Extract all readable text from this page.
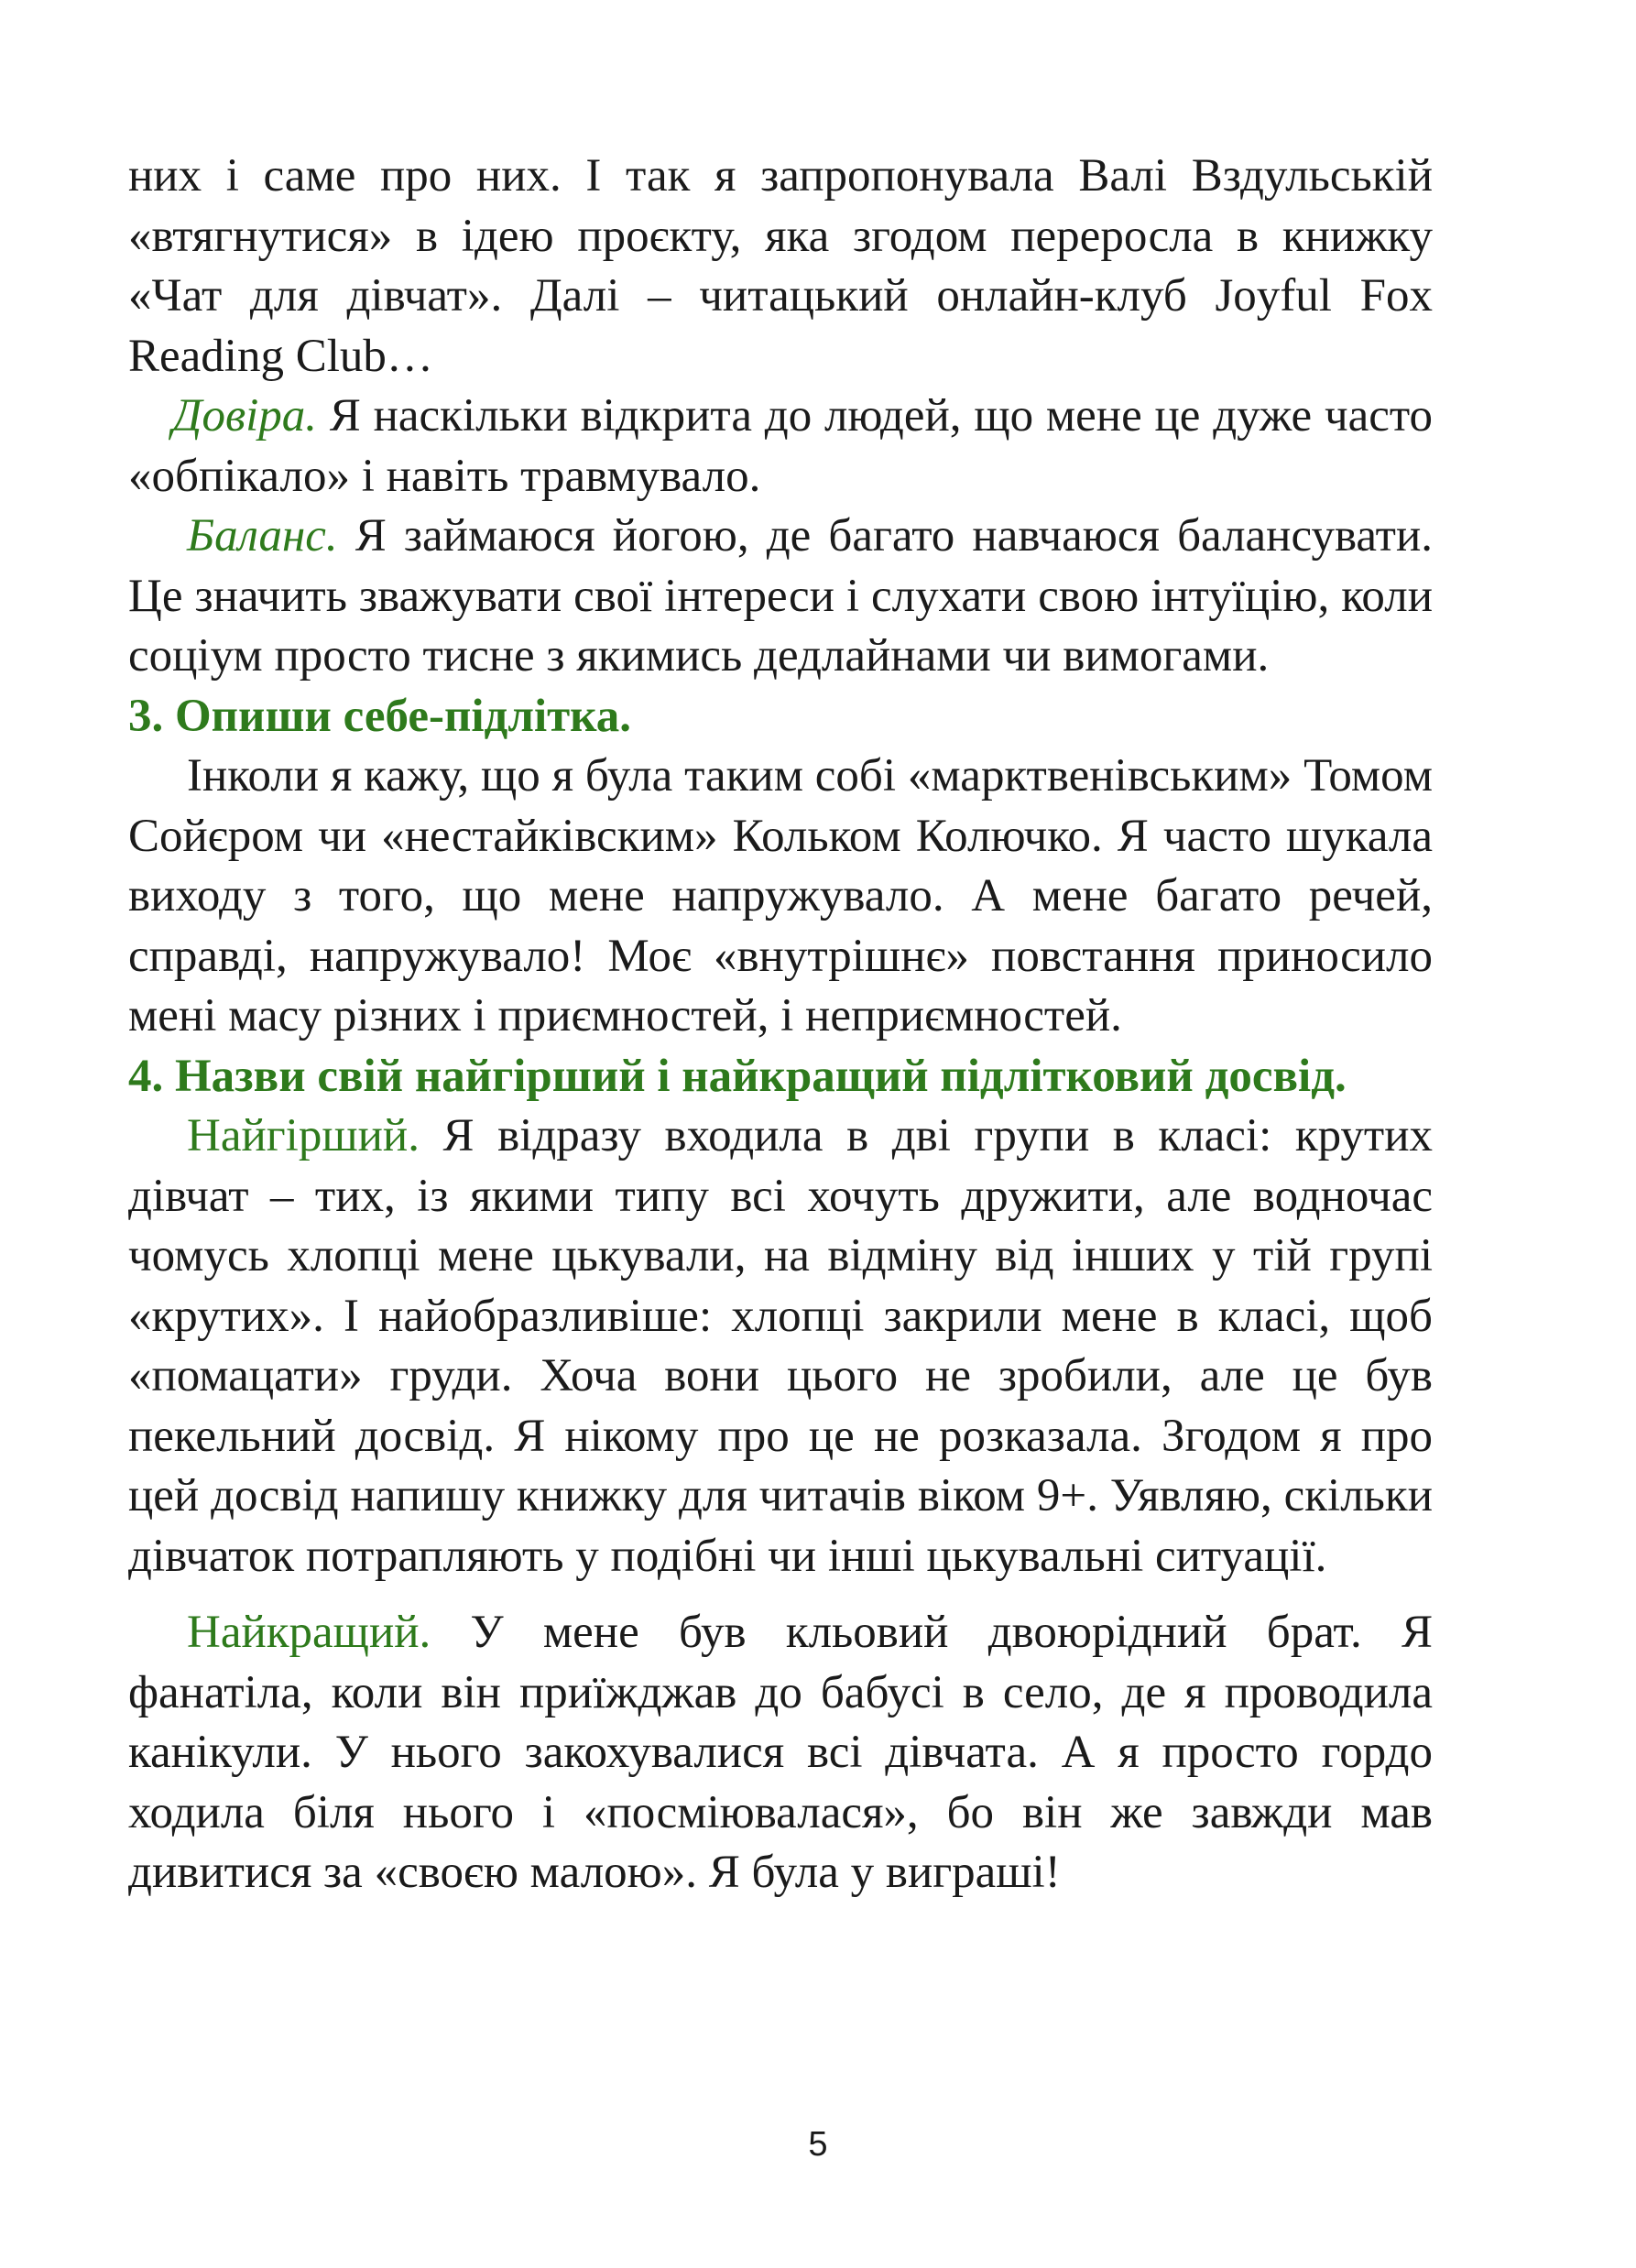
них і саме про них. І так я запропонувала Валі Вздульській «втягнутися» в ідею проєкту, яка згодом переросла в книжку «Чат для дівчат». Далі – читацький онлайн-клуб Joyful Fox Reading Club…

Довіра. Я наскільки відкрита до людей, що мене це дуже часто «обпікало» і навіть травмувало.

Баланс. Я займаюся йогою, де багато навчаюся балансувати. Це значить зважувати свої інтереси і слухати свою інтуїцію, коли соціум просто тисне з якимись дедлайнами чи вимогами.

3. Опиши себе-підлітка.

Інколи я кажу, що я була таким собі «марктвенівським» Томом Сойєром чи «нестайківским» Кольком Колючко. Я часто шукала виходу з того, що мене напружувало. А мене багато речей, справді, напружувало! Моє «внутрішнє» повстання приносило мені масу різних і приємностей, і неприємностей.

4. Назви свій найгірший і найкращий підлітковий досвід.

Найгірший. Я відразу входила в дві групи в класі: крутих дівчат – тих, із якими типу всі хочуть дружити, але водночас чомусь хлопці мене цькували, на відміну від інших у тій групі «крутих». І найобразливіше: хлопці закрили мене в класі, щоб «помацати» груди. Хоча вони цього не зробили, але це був пекельний досвід. Я нікому про це не розказала. Згодом я про цей досвід напишу книжку для читачів віком 9+. Уявляю, скільки дівчаток потрапляють у подібні чи інші цькувальні ситуації.

Найкращий. У мене був кльовий двоюрідний брат. Я фанатіла, коли він приїжджав до бабусі в село, де я проводила канікули. У нього закохувалися всі дівчата. А я просто гордо ходила біля нього і «посміювалася», бо він же завжди мав дивитися за «своєю малою». Я була у виграші!

5
